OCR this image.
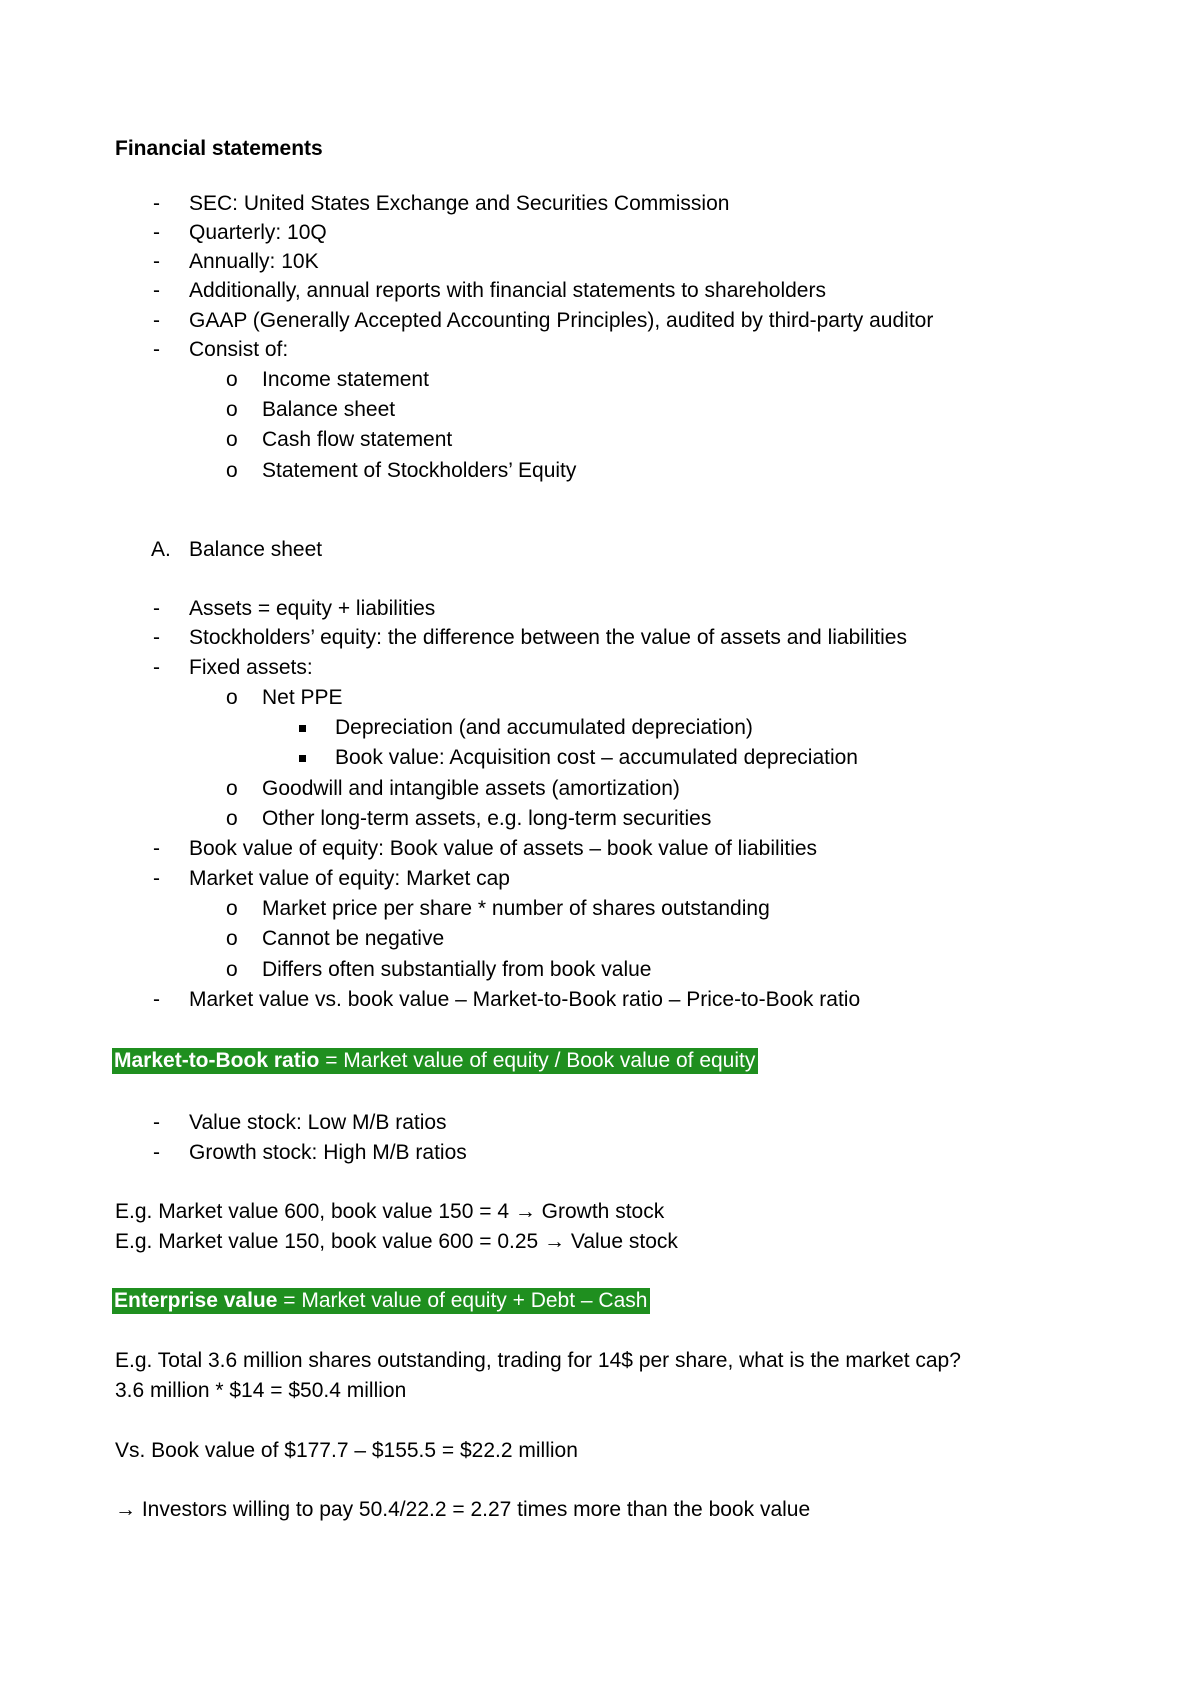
Financial statements
- SEC: United States Exchange and Securities Commission
- Quarterly: 10Q
- Annually: 10K
- Additionally, annual reports with financial statements to shareholders
- GAAP (Generally Accepted Accounting Principles), audited by third-party auditor
- Consist of:
o Income statement
o Balance sheet
o Cash flow statement
o Statement of Stockholders’ Equity
A. Balance sheet
- Assets = equity + liabilities
- Stockholders’ equity: the difference between the value of assets and liabilities
- Fixed assets:
o Net PPE
Depreciation (and accumulated depreciation)
Book value: Acquisition cost – accumulated depreciation
o Goodwill and intangible assets (amortization)
o Other long-term assets, e.g. long-term securities
- Book value of equity: Book value of assets – book value of liabilities
- Market value of equity: Market cap
o Market price per share * number of shares outstanding
o Cannot be negative
o Differs often substantially from book value
- Market value vs. book value – Market-to-Book ratio – Price-to-Book ratio
Market-to-Book ratio = Market value of equity / Book value of equity
- Value stock: Low M/B ratios
- Growth stock: High M/B ratios
E.g. Market value 600, book value 150 = 4 → Growth stock
E.g. Market value 150, book value 600 = 0.25 → Value stock
Enterprise value = Market value of equity + Debt – Cash
E.g. Total 3.6 million shares outstanding, trading for 14$ per share, what is the market cap?
3.6 million * $14 = $50.4 million
Vs. Book value of $177.7 – $155.5 = $22.2 million
→ Investors willing to pay 50.4/22.2 = 2.27 times more than the book value
